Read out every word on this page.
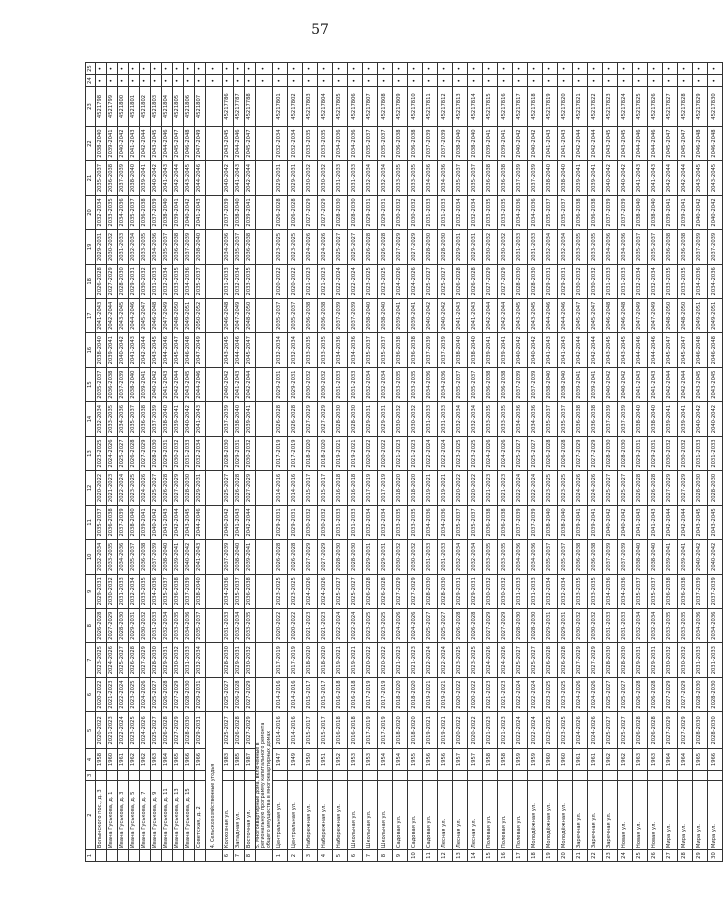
57
1	2	3	4	5	6	7	8	9	10	11	12	13	14	15	16	17	18	19	20	21	22	23	24	25
	Волынского пос., д. 3		1958	2020-2022	2020-2022	2023-2025	2026-2028	2029-2031	2032-2034	2035-2037	2020-2022	2023-2025	2032-2034	2035-2037	2038-2040	2041-2043	2026-2028	2029-2031	2032-2034	2035-2037	2038-2040	4521798	•	•
	Ивана Гуськова, д. 1		1960	2021-2023	2021-2023	2024-2026	2027-2029	2030-2032	2033-2035	2036-2038	2021-2023	2024-2026	2033-2035	2036-2038	2039-2041	2042-2044	2027-2029	2030-2032	2033-2035	2036-2038	2039-2041	4521799	•	•
	Ивана Гуськова, д. 3		1961	2022-2024	2022-2024	2025-2027	2028-2030	2031-2033	2034-2036	2037-2039	2022-2024	2025-2027	2034-2036	2037-2039	2040-2042	2043-2045	2028-2030	2031-2033	2034-2036	2037-2039	2040-2042	4521800	•	•
	Ивана Гуськова, д. 5		1962	2023-2025	2023-2025	2026-2028	2029-2031	2032-2034	2035-2037	2038-2040	2023-2025	2026-2028	2035-2037	2038-2040	2041-2043	2044-2046	2029-2031	2032-2034	2035-2037	2038-2040	2041-2043	4521801	•	•
	Ивана Гуськова, д. 7		1962	2024-2026	2024-2026	2027-2029	2030-2032	2033-2035	2036-2038	2039-2041	2024-2026	2027-2029	2036-2038	2039-2041	2042-2044	2045-2047	2030-2032	2033-2035	2036-2038	2039-2041	2042-2044	4521802	•	•
	Ивана Гуськова, д. 9		1963	2025-2027	2025-2027	2028-2030	2031-2033	2034-2036	2037-2039	2040-2042	2025-2027	2028-2030	2037-2039	2040-2042	2043-2045	2046-2048	2031-2033	2034-2036	2037-2039	2040-2042	2043-2045	4521803	•	•
	Ивана Гуськова, д. 11		1964	2026-2028	2026-2028	2029-2031	2032-2034	2035-2037	2038-2040	2041-2043	2026-2028	2029-2031	2038-2040	2041-2043	2044-2046	2047-2049	2032-2034	2035-2037	2038-2040	2041-2043	2044-2046	4521804	•	•
	Ивана Гуськова, д. 13		1965	2027-2029	2027-2029	2030-2032	2033-2035	2036-2038	2039-2041	2042-2044	2027-2029	2030-2032	2039-2041	2042-2044	2045-2047	2048-2050	2033-2035	2036-2038	2039-2041	2042-2044	2045-2047	4521805	•	•
	Ивана Гуськова, д. 15		1966	2028-2030	2028-2030	2031-2033	2034-2036	2037-2039	2040-2042	2043-2045	2028-2030	2031-2033	2040-2042	2043-2045	2046-2048	2049-2051	2034-2036	2037-2039	2040-2042	2043-2045	2046-2048	4521806	•	•
	Советская, д. 2		1966	2029-2031	2029-2031	2032-2034	2035-2037	2038-2040	2041-2043	2044-2046	2029-2031	2032-2034	2041-2043	2044-2046	2047-2049	2050-2052	2035-2037	2038-2040	2041-2043	2044-2046	2047-2049	4521807	•	•
	4. Сельскохозяйственные угодья																						•	•
6	Колхозная ул.		1983	2025-2027	2025-2027	2028-2030	2031-2033	2034-2036	2037-2039	2040-2042	2025-2027	2028-2030	2037-2039	2040-2042	2043-2045	2046-2048	2031-2033	2034-2036	2037-2039	2040-2042	2043-2045	45217786	•	•
7	Западная ул.		1985	2026-2028	2026-2028	2029-2031	2032-2034	2035-2037	2038-2040	2041-2043	2026-2028	2029-2031	2038-2040	2041-2043	2044-2046	2047-2049	2032-2034	2035-2037	2038-2040	2041-2043	2044-2046	45217787	•	•
8	Восточная ул.		1987	2027-2029	2027-2029	2030-2032	2033-2035	2036-2038	2039-2041	2042-2044	2027-2029	2030-2032	2039-2041	2042-2044	2045-2047	2048-2050	2033-2035	2036-2038	2039-2041	2042-2044	2045-2047	45217788	•	•
	5. Многоквартирные дома, включенные в региональную программу капитального ремонта общего имущества в многоквартирных домах																						•	•
1	Центральная ул.		1947	2014-2016	2014-2016	2017-2019	2020-2022	2023-2025	2026-2028	2029-2031	2014-2016	2017-2019	2026-2028	2029-2031	2032-2034	2035-2037	2020-2022	2023-2025	2026-2028	2029-2031	2032-2034	45217801	•	•
2	Центральная ул.		1949	2014-2016	2014-2016	2017-2019	2020-2022	2023-2025	2026-2028	2029-2031	2014-2016	2017-2019	2026-2028	2029-2031	2032-2034	2035-2037	2020-2022	2023-2025	2026-2028	2029-2031	2032-2034	45217802	•	•
3	Набережная ул.		1950	2015-2017	2015-2017	2018-2020	2021-2023	2024-2026	2027-2029	2030-2032	2015-2017	2018-2020	2027-2029	2030-2032	2033-2035	2036-2038	2021-2023	2024-2026	2027-2029	2030-2032	2033-2035	45217803	•	•
4	Набережная ул.		1951	2015-2017	2015-2017	2018-2020	2021-2023	2024-2026	2027-2029	2030-2032	2015-2017	2018-2020	2027-2029	2030-2032	2033-2035	2036-2038	2021-2023	2024-2026	2027-2029	2030-2032	2033-2035	45217804	•	•
5	Набережная ул.		1952	2016-2018	2016-2018	2019-2021	2022-2024	2025-2027	2028-2030	2031-2033	2016-2018	2019-2021	2028-2030	2031-2033	2034-2036	2037-2039	2022-2024	2025-2027	2028-2030	2031-2033	2034-2036	45217805	•	•
6	Школьная ул.		1953	2016-2018	2016-2018	2019-2021	2022-2024	2025-2027	2028-2030	2031-2033	2016-2018	2019-2021	2028-2030	2031-2033	2034-2036	2037-2039	2022-2024	2025-2027	2028-2030	2031-2033	2034-2036	45217806	•	•
7	Школьная ул.		1953	2017-2019	2017-2019	2020-2022	2023-2025	2026-2028	2029-2031	2032-2034	2017-2019	2020-2022	2029-2031	2032-2034	2035-2037	2038-2040	2023-2025	2026-2028	2029-2031	2032-2034	2035-2037	45217807	•	•
8	Школьная ул.		1954	2017-2019	2017-2019	2020-2022	2023-2025	2026-2028	2029-2031	2032-2034	2017-2019	2020-2022	2029-2031	2032-2034	2035-2037	2038-2040	2023-2025	2026-2028	2029-2031	2032-2034	2035-2037	45217808	•	•
9	Садовая ул.		1954	2018-2020	2018-2020	2021-2023	2024-2026	2027-2029	2030-2032	2033-2035	2018-2020	2021-2023	2030-2032	2033-2035	2036-2038	2039-2041	2024-2026	2027-2029	2030-2032	2033-2035	2036-2038	45217809	•	•
10	Садовая ул.		1955	2018-2020	2018-2020	2021-2023	2024-2026	2027-2029	2030-2032	2033-2035	2018-2020	2021-2023	2030-2032	2033-2035	2036-2038	2039-2041	2024-2026	2027-2029	2030-2032	2033-2035	2036-2038	45217810	•	•
11	Садовая ул.		1956	2019-2021	2019-2021	2022-2024	2025-2027	2028-2030	2031-2033	2034-2036	2019-2021	2022-2024	2031-2033	2034-2036	2037-2039	2040-2042	2025-2027	2028-2030	2031-2033	2034-2036	2037-2039	45217811	•	•
12	Лесная ул.		1956	2019-2021	2019-2021	2022-2024	2025-2027	2028-2030	2031-2033	2034-2036	2019-2021	2022-2024	2031-2033	2034-2036	2037-2039	2040-2042	2025-2027	2028-2030	2031-2033	2034-2036	2037-2039	45217812	•	•
13	Лесная ул.		1957	2020-2022	2020-2022	2023-2025	2026-2028	2029-2031	2032-2034	2035-2037	2020-2022	2023-2025	2032-2034	2035-2037	2038-2040	2041-2043	2026-2028	2029-2031	2032-2034	2035-2037	2038-2040	45217813	•	•
14	Лесная ул.		1957	2020-2022	2020-2022	2023-2025	2026-2028	2029-2031	2032-2034	2035-2037	2020-2022	2023-2025	2032-2034	2035-2037	2038-2040	2041-2043	2026-2028	2029-2031	2032-2034	2035-2037	2038-2040	45217814	•	•
15	Полевая ул.		1958	2021-2023	2021-2023	2024-2026	2027-2029	2030-2032	2033-2035	2036-2038	2021-2023	2024-2026	2033-2035	2036-2038	2039-2041	2042-2044	2027-2029	2030-2032	2033-2035	2036-2038	2039-2041	45217815	•	•
16	Полевая ул.		1958	2021-2023	2021-2023	2024-2026	2027-2029	2030-2032	2033-2035	2036-2038	2021-2023	2024-2026	2033-2035	2036-2038	2039-2041	2042-2044	2027-2029	2030-2032	2033-2035	2036-2038	2039-2041	45217816	•	•
17	Полевая ул.		1959	2022-2024	2022-2024	2025-2027	2028-2030	2031-2033	2034-2036	2037-2039	2022-2024	2025-2027	2034-2036	2037-2039	2040-2042	2043-2045	2028-2030	2031-2033	2034-2036	2037-2039	2040-2042	45217817	•	•
18	Молодёжная ул.		1959	2022-2024	2022-2024	2025-2027	2028-2030	2031-2033	2034-2036	2037-2039	2022-2024	2025-2027	2034-2036	2037-2039	2040-2042	2043-2045	2028-2030	2031-2033	2034-2036	2037-2039	2040-2042	45217818	•	•
19	Молодёжная ул.		1960	2023-2025	2023-2025	2026-2028	2029-2031	2032-2034	2035-2037	2038-2040	2023-2025	2026-2028	2035-2037	2038-2040	2041-2043	2044-2046	2029-2031	2032-2034	2035-2037	2038-2040	2041-2043	45217819	•	•
20	Молодёжная ул.		1960	2023-2025	2023-2025	2026-2028	2029-2031	2032-2034	2035-2037	2038-2040	2023-2025	2026-2028	2035-2037	2038-2040	2041-2043	2044-2046	2029-2031	2032-2034	2035-2037	2038-2040	2041-2043	45217820	•	•
21	Заречная ул.		1961	2024-2026	2024-2026	2027-2029	2030-2032	2033-2035	2036-2038	2039-2041	2024-2026	2027-2029	2036-2038	2039-2041	2042-2044	2045-2047	2030-2032	2033-2035	2036-2038	2039-2041	2042-2044	45217821	•	•
22	Заречная ул.		1961	2024-2026	2024-2026	2027-2029	2030-2032	2033-2035	2036-2038	2039-2041	2024-2026	2027-2029	2036-2038	2039-2041	2042-2044	2045-2047	2030-2032	2033-2035	2036-2038	2039-2041	2042-2044	45217822	•	•
23	Заречная ул.		1962	2025-2027	2025-2027	2028-2030	2031-2033	2034-2036	2037-2039	2040-2042	2025-2027	2028-2030	2037-2039	2040-2042	2043-2045	2046-2048	2031-2033	2034-2036	2037-2039	2040-2042	2043-2045	45217823	•	•
24	Новая ул.		1962	2025-2027	2025-2027	2028-2030	2031-2033	2034-2036	2037-2039	2040-2042	2025-2027	2028-2030	2037-2039	2040-2042	2043-2045	2046-2048	2031-2033	2034-2036	2037-2039	2040-2042	2043-2045	45217824	•	•
25	Новая ул.		1963	2026-2028	2026-2028	2029-2031	2032-2034	2035-2037	2038-2040	2041-2043	2026-2028	2029-2031	2038-2040	2041-2043	2044-2046	2047-2049	2032-2034	2035-2037	2038-2040	2041-2043	2044-2046	45217825	•	•
26	Новая ул.		1963	2026-2028	2026-2028	2029-2031	2032-2034	2035-2037	2038-2040	2041-2043	2026-2028	2029-2031	2038-2040	2041-2043	2044-2046	2047-2049	2032-2034	2035-2037	2038-2040	2041-2043	2044-2046	45217826	•	•
27	Мира ул.		1964	2027-2029	2027-2029	2030-2032	2033-2035	2036-2038	2039-2041	2042-2044	2027-2029	2030-2032	2039-2041	2042-2044	2045-2047	2048-2050	2033-2035	2036-2038	2039-2041	2042-2044	2045-2047	45217827	•	•
28	Мира ул.		1964	2027-2029	2027-2029	2030-2032	2033-2035	2036-2038	2039-2041	2042-2044	2027-2029	2030-2032	2039-2041	2042-2044	2045-2047	2048-2050	2033-2035	2036-2038	2039-2041	2042-2044	2045-2047	45217828	•	•
29	Мира ул.		1965	2028-2030	2028-2030	2031-2033	2034-2036	2037-2039	2040-2042	2043-2045	2028-2030	2031-2033	2040-2042	2043-2045	2046-2048	2049-2051	2034-2036	2037-2039	2040-2042	2043-2045	2046-2048	45217829	•	•
30	Мира ул.		1966	2028-2030	2028-2030	2031-2033	2034-2036	2037-2039	2040-2042	2043-2045	2028-2030	2031-2033	2040-2042	2043-2045	2046-2048	2049-2051	2034-2036	2037-2039	2040-2042	2043-2045	2046-2048	45217830	•	•
